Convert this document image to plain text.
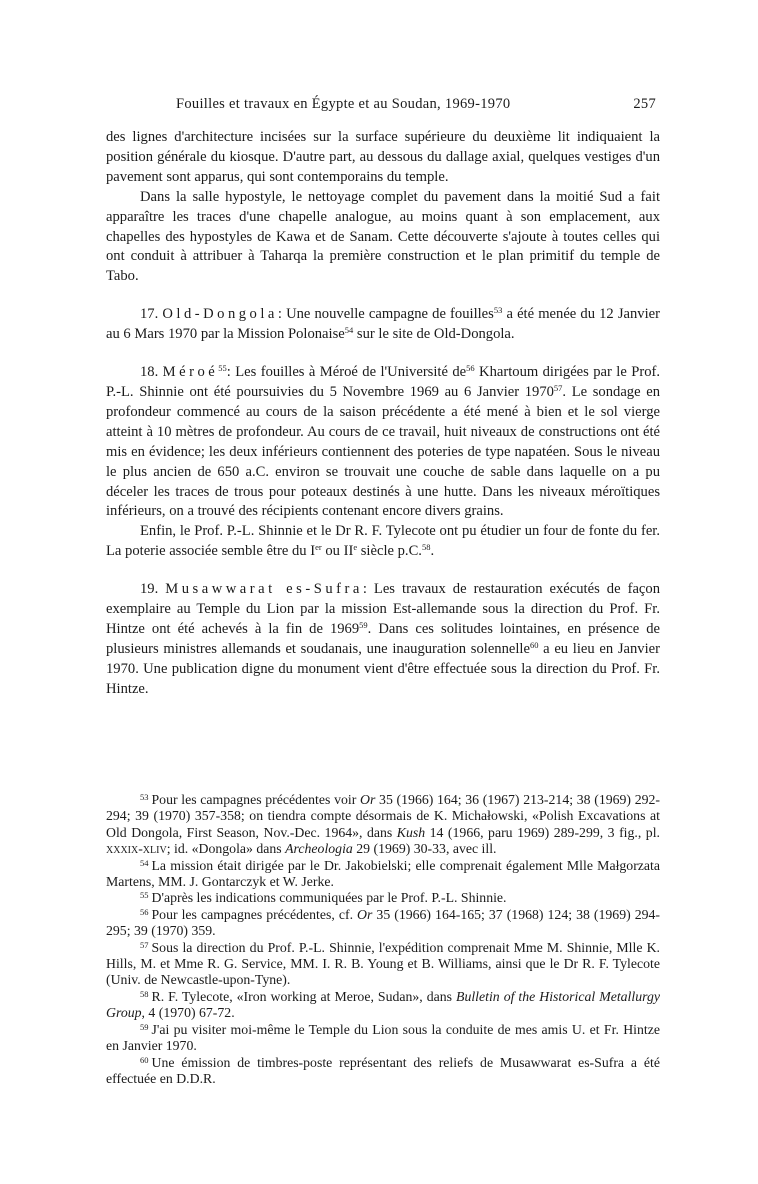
Fouilles et travaux en Égypte et au Soudan, 1969-1970	257

des lignes d'architecture incisées sur la surface supérieure du deuxième lit indiquaient la position générale du kiosque. D'autre part, au dessous du dallage axial, quelques vestiges d'un pavement sont apparus, qui sont contemporains du temple.

Dans la salle hypostyle, le nettoyage complet du pavement dans la moitié Sud a fait apparaître les traces d'une chapelle analogue, au moins quant à son emplacement, aux chapelles des hypostyles de Kawa et de Sanam. Cette découverte s'ajoute à toutes celles qui ont conduit à attribuer à Taharqa la première construction et le plan primitif du temple de Tabo.

17. Old-Dongola: Une nouvelle campagne de fouilles$^{53}$ a été menée du 12 Janvier au 6 Mars 1970 par la Mission Polonaise$^{54}$ sur le site de Old-Dongola.

18. Méroé$^{55}$: Les fouilles à Méroé de l'Université $de^{56}$ Khartoum dirigées par le Prof. P.-L. Shinnie ont été poursuivies du 5 Novembre 1969 au 6 Janvier 1970$^{57}$. Le sondage en profondeur commencé au cours de la saison précédente a été mené à bien et le sol vierge atteint à 10 mètres de profondeur. Au cours de ce travail, huit niveaux de constructions ont été mis en évidence; les deux inférieurs contiennent des poteries de type napatéen. Sous le niveau le plus ancien de 650 a.C. environ se trouvait une couche de sable dans laquelle on a pu déceler les traces de trous pour poteaux destinés à une hutte. Dans les niveaux méroïtiques inférieurs, on a trouvé des récipients contenant encore divers grains.

Enfin, le Prof. P.-L. Shinnie et le Dr R. F. Tylecote ont pu étudier un four de fonte du fer. La poterie associée semble être du Ier ou IIe siècle p.C.$^{58}$.

19. Musawwarat es-Sufra: Les travaux de restauration exécutés de façon exemplaire au Temple du Lion par la mission Est-allemande sous la direction du Prof. Fr. Hintze ont été achevés à la fin de 1969$^{59}$. Dans ces solitudes lointaines, en présence de plusieurs ministres allemands et soudanais, une inauguration solennelle$^{60}$ a eu lieu en Janvier 1970. Une publication digne du monument vient d'être effectuée sous la direction du Prof. Fr. Hintze.

$^{53}$ Pour les campagnes précédentes voir Or 35 (1966) 164; 36 (1967) 213-214; 38 (1969) 292-294; 39 (1970) 357-358; on tiendra compte désormais de K. Michałowski, «Polish Excavations at Old Dongola, First Season, Nov.-Dec. 1964», dans Kush 14 (1966, paru 1969) 289-299, 3 fig., pl. xxxix-xliv; id. «Dongola» dans Archeologia 29 (1969) 30-33, avec ill.

$^{54}$ La mission était dirigée par le Dr. Jakobielski; elle comprenait également Mlle Małgorzata Martens, MM. J. Gontarczyk et W. Jerke.

$^{55}$ D'après les indications communiquées par le Prof. P.-L. Shinnie.

$^{56}$ Pour les campagnes précédentes, cf. Or 35 (1966) 164-165; 37 (1968) 124; 38 (1969) 294-295; 39 (1970) 359.

$^{57}$ Sous la direction du Prof. P.-L. Shinnie, l'expédition comprenait Mme M. Shinnie, Mlle K. Hills, M. et Mme R. G. Service, MM. I. R. B. Young et B. Williams, ainsi que le Dr R. F. Tylecote (Univ. de Newcastle-upon-Tyne).

$^{58}$ R. F. Tylecote, «Iron working at Meroe, Sudan», dans Bulletin of the Historical Metallurgy Group, 4 (1970) 67-72.

$^{59}$ J'ai pu visiter moi-même le Temple du Lion sous la conduite de mes amis U. et Fr. Hintze en Janvier 1970.

$^{60}$ Une émission de timbres-poste représentant des reliefs de Musawwarat es-Sufra a été effectuée en D.D.R.
